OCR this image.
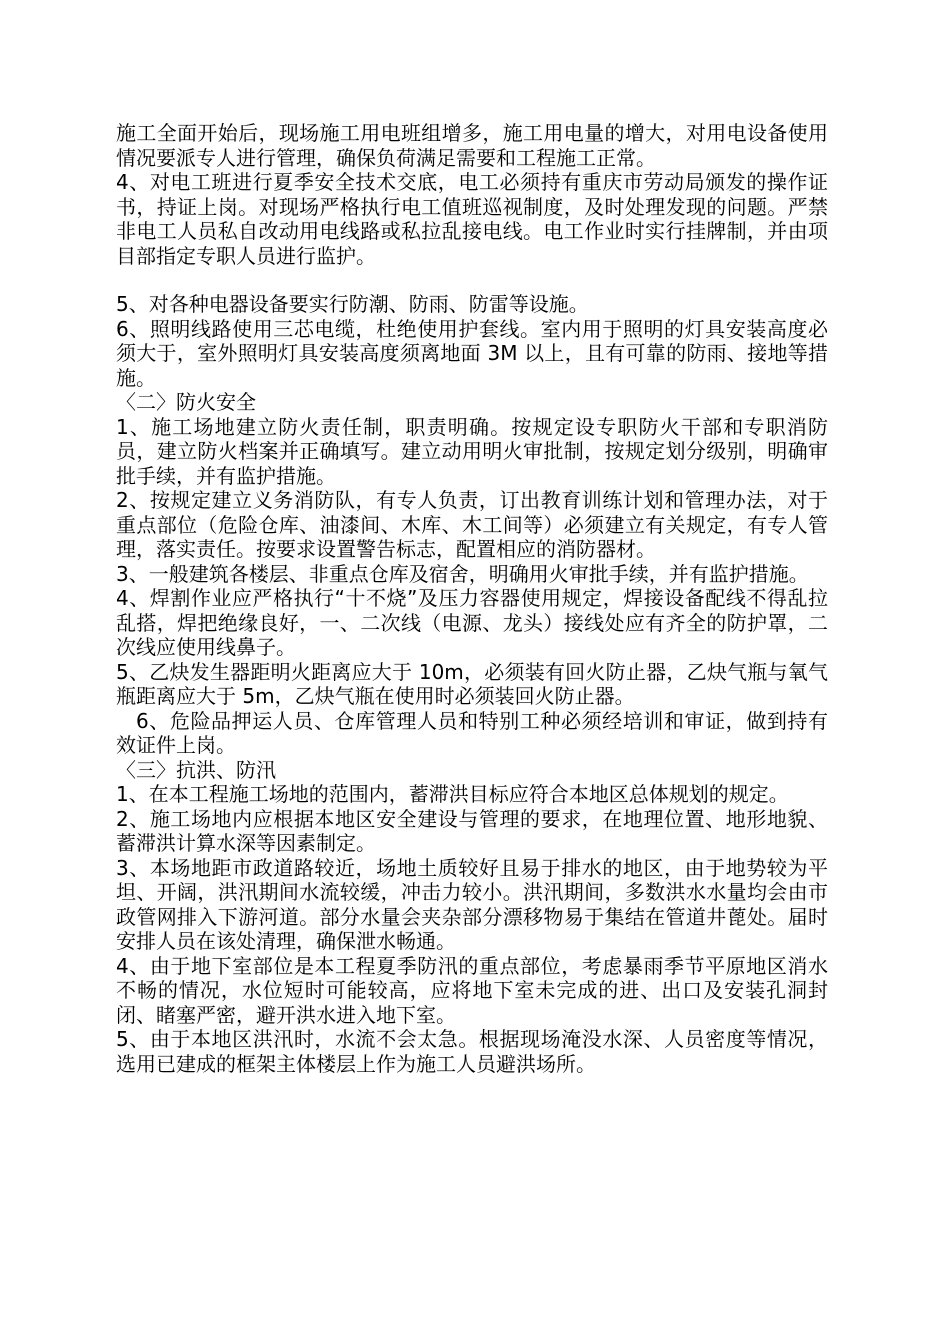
施工全面开始后，现场施工用电班组增多，施工用电量的增大，对用电设备使用情况要派专人进行管理，确保负荷满足需要和工程施工正常。

4、对电工班进行夏季安全技术交底，电工必须持有重庆市劳动局颁发的操作证书，持证上岗。对现场严格执行电工值班巡视制度，及时处理发现的问题。严禁非电工人员私自改动用电线路或私拉乱接电线。电工作业时实行挂牌制，并由项目部指定专职人员进行监护。

5、对各种电器设备要实行防潮、防雨、防雷等设施。

6、照明线路使用三芯电缆，杜绝使用护套线。室内用于照明的灯具安装高度必须大于，室外照明灯具安装高度须离地面 3M 以上，且有可靠的防雨、接地等措施。

〈二〉防火安全

1、施工场地建立防火责任制，职责明确。按规定设专职防火干部和专职消防员，建立防火档案并正确填写。建立动用明火审批制，按规定划分级别，明确审批手续，并有监护措施。

2、按规定建立义务消防队，有专人负责，订出教育训练计划和管理办法，对于重点部位（危险仓库、油漆间、木库、木工间等）必须建立有关规定，有专人管理，落实责任。按要求设置警告标志，配置相应的消防器材。

3、一般建筑各楼层、非重点仓库及宿舍，明确用火审批手续，并有监护措施。

4、焊割作业应严格执行“十不烧”及压力容器使用规定，焊接设备配线不得乱拉乱搭，焊把绝缘良好，一、二次线（电源、龙头）接线处应有齐全的防护罩，二次线应使用线鼻子。

5、乙炔发生器距明火距离应大于 10m，必须装有回火防止器，乙炔气瓶与氧气瓶距离应大于 5m，乙炔气瓶在使用时必须装回火防止器。

6、危险品押运人员、仓库管理人员和特别工种必须经培训和审证，做到持有效证件上岗。

〈三〉抗洪、防汛

1、在本工程施工场地的范围内，蓄滞洪目标应符合本地区总体规划的规定。

2、施工场地内应根据本地区安全建设与管理的要求，在地理位置、地形地貌、蓄滞洪计算水深等因素制定。

3、本场地距市政道路较近，场地土质较好且易于排水的地区，由于地势较为平坦、开阔，洪汛期间水流较缓，冲击力较小。洪汛期间，多数洪水水量均会由市政管网排入下游河道。部分水量会夹杂部分漂移物易于集结在管道井蓖处。届时安排人员在该处清理，确保泄水畅通。

4、由于地下室部位是本工程夏季防汛的重点部位，考虑暴雨季节平原地区消水不畅的情况，水位短时可能较高，应将地下室未完成的进、出口及安装孔洞封闭、睹塞严密，避开洪水进入地下室。

5、由于本地区洪汛时，水流不会太急。根据现场淹没水深、人员密度等情况，选用已建成的框架主体楼层上作为施工人员避洪场所。
